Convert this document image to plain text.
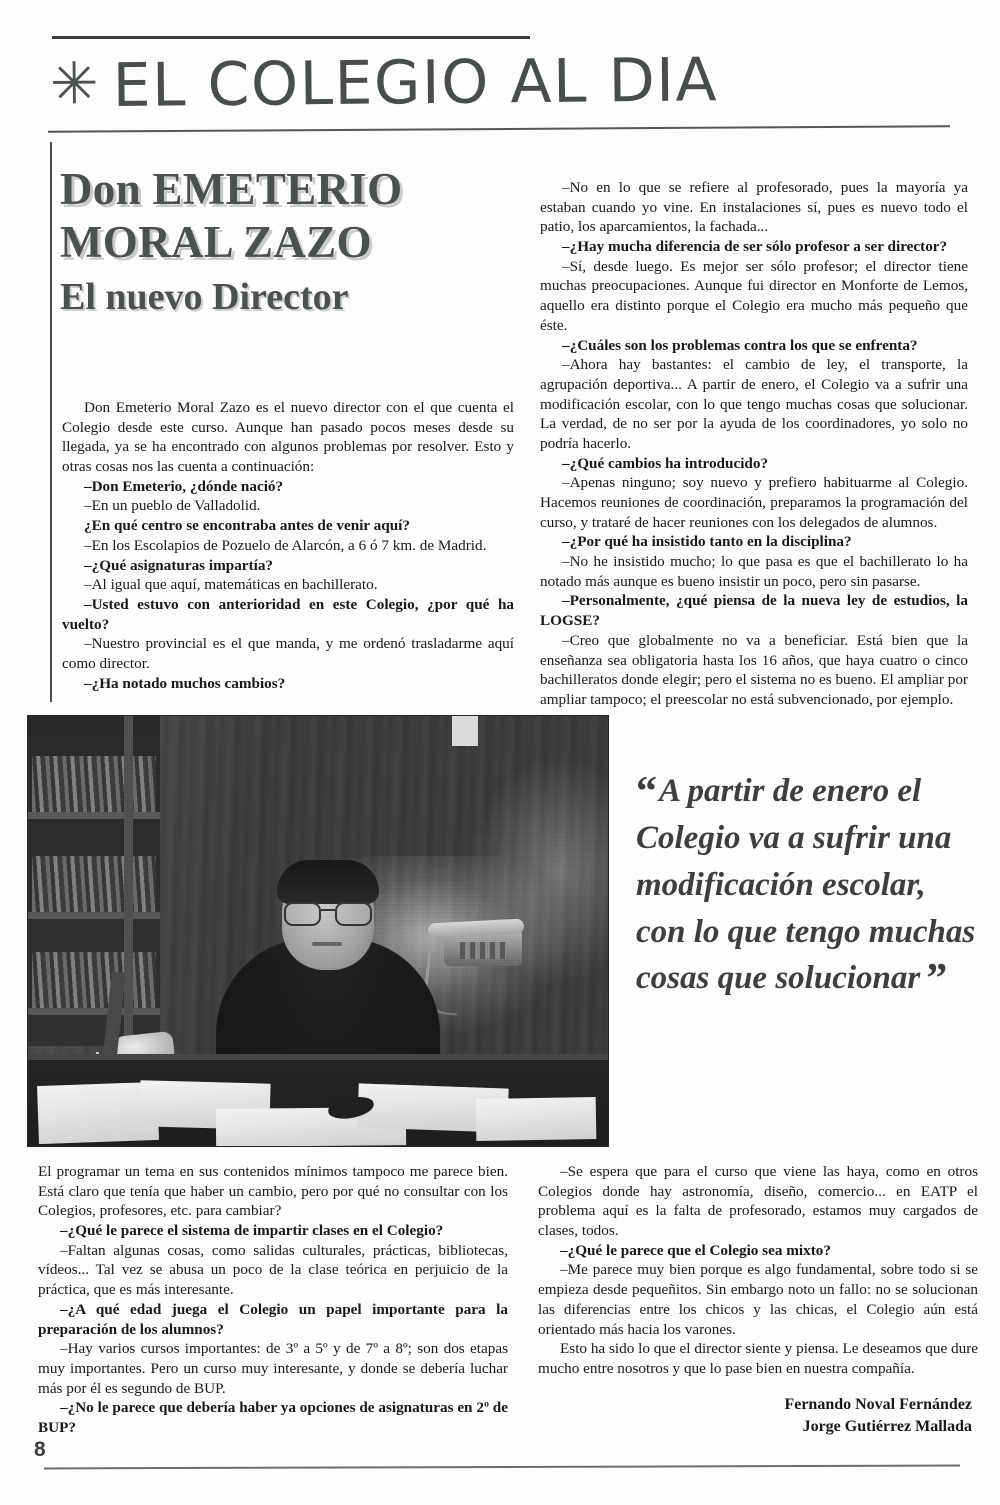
✳ EL COLEGIO AL DIA
Don EMETERIO
MORAL ZAZO
El nuevo Director

Don Emeterio Moral Zazo es el nuevo director con el que cuenta el Colegio desde este curso. Aunque han pasado pocos meses desde su llegada, ya se ha encontrado con algunos problemas por resolver. Esto y otras cosas nos las cuenta a continuación:

–Don Emeterio, ¿dónde nació?

–En un pueblo de Valladolid.

¿En qué centro se encontraba antes de venir aquí?

–En los Escolapios de Pozuelo de Alarcón, a 6 ó 7 km. de Madrid.

–¿Qué asignaturas impartía?

–Al igual que aquí, matemáticas en bachillerato.

–Usted estuvo con anterioridad en este Colegio, ¿por qué ha vuelto?

–Nuestro provincial es el que manda, y me ordenó trasladarme aquí como director.

–¿Ha notado muchos cambios?

–No en lo que se refiere al profesorado, pues la mayoría ya estaban cuando yo vine. En instalaciones sí, pues es nuevo todo el patio, los aparcamientos, la fachada...

–¿Hay mucha diferencia de ser sólo profesor a ser director?

–Sí, desde luego. Es mejor ser sólo profesor; el director tiene muchas preocupaciones. Aunque fui director en Monforte de Lemos, aquello era distinto porque el Colegio era mucho más pequeño que éste.

–¿Cuáles son los problemas contra los que se enfrenta?

–Ahora hay bastantes: el cambio de ley, el transporte, la agrupación deportiva... A partir de enero, el Colegio va a sufrir una modificación escolar, con lo que tengo muchas cosas que solucionar. La verdad, de no ser por la ayuda de los coordinadores, yo solo no podría hacerlo.

–¿Qué cambios ha introducido?

–Apenas ninguno; soy nuevo y prefiero habituarme al Colegio. Hacemos reuniones de coordinación, preparamos la programación del curso, y trataré de hacer reuniones con los delegados de alumnos.

–¿Por qué ha insistido tanto en la disciplina?

–No he insistido mucho; lo que pasa es que el bachillerato lo ha notado más aunque es bueno insistir un poco, pero sin pasarse.

–Personalmente, ¿qué piensa de la nueva ley de estudios, la LOGSE?

–Creo que globalmente no va a beneficiar. Está bien que la enseñanza sea obligatoria hasta los 16 años, que haya cuatro o cinco bachilleratos donde elegir; pero el sistema no es bueno. El ampliar por ampliar tampoco; el preescolar no está subvencionado, por ejemplo.

“ A partir de enero el Colegio va a sufrir una modificación escolar, con lo que tengo muchas cosas que solucionar ”

El programar un tema en sus contenidos mínimos tampoco me parece bien. Está claro que tenía que haber un cambio, pero por qué no consultar con los Colegios, profesores, etc. para cambiar?

–¿Qué le parece el sistema de impartir clases en el Colegio?

–Faltan algunas cosas, como salidas culturales, prácticas, bibliotecas, vídeos... Tal vez se abusa un poco de la clase teórica en perjuicio de la práctica, que es más interesante.

–¿A qué edad juega el Colegio un papel importante para la preparación de los alumnos?

–Hay varios cursos importantes: de 3º a 5º y de 7º a 8º; son dos etapas muy importantes. Pero un curso muy interesante, y donde se debería luchar más por él es segundo de BUP.

–¿No le parece que debería haber ya opciones de asignaturas en 2º de BUP?

–Se espera que para el curso que viene las haya, como en otros Colegios donde hay astronomía, diseño, comercio... en EATP el problema aquí es la falta de profesorado, estamos muy cargados de clases, todos.

–¿Qué le parece que el Colegio sea mixto?

–Me parece muy bien porque es algo fundamental, sobre todo si se empieza desde pequeñitos. Sin embargo noto un fallo: no se solucionan las diferencias entre los chicos y las chicas, el Colegio aún está orientado más hacia los varones.

Esto ha sido lo que el director siente y piensa. Le deseamos que dure mucho entre nosotros y que lo pase bien en nuestra compañía.

Fernando Noval Fernández
Jorge Gutiérrez Mallada
8
